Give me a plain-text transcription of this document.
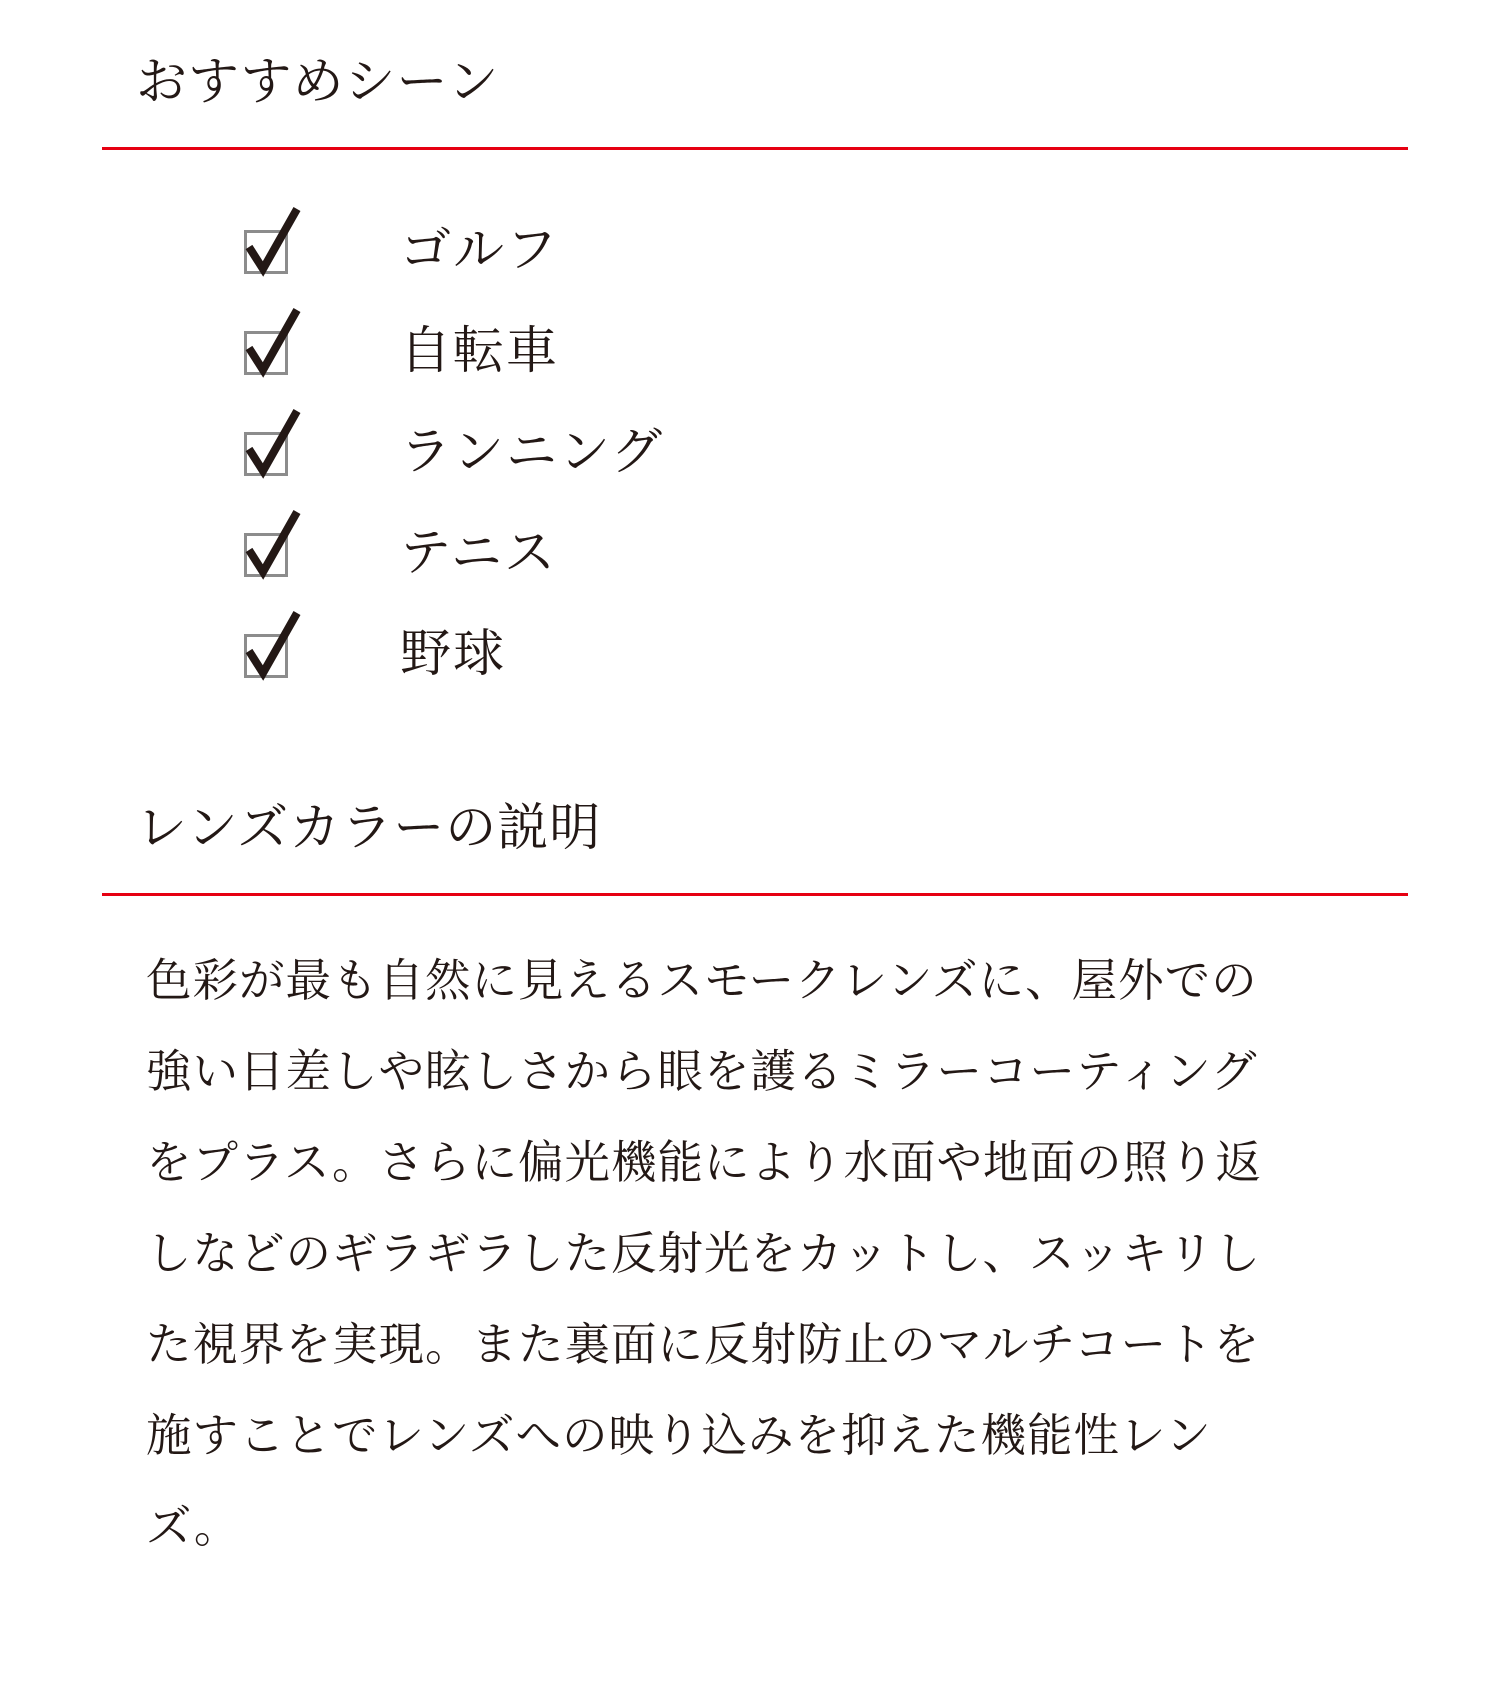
おすすめシーン
ゴルフ
自転車
ランニング
テニス
野球
レンズカラーの説明

色彩が最も自然に見えるスモークレンズに、屋外での
強い日差しや眩しさから眼を護るミラーコーティング
をプラス。さらに偏光機能により水面や地面の照り返
しなどのギラギラした反射光をカットし、スッキリし
た視界を実現。また裏面に反射防止のマルチコートを
施すことでレンズへの映り込みを抑えた機能性レン
ズ。
